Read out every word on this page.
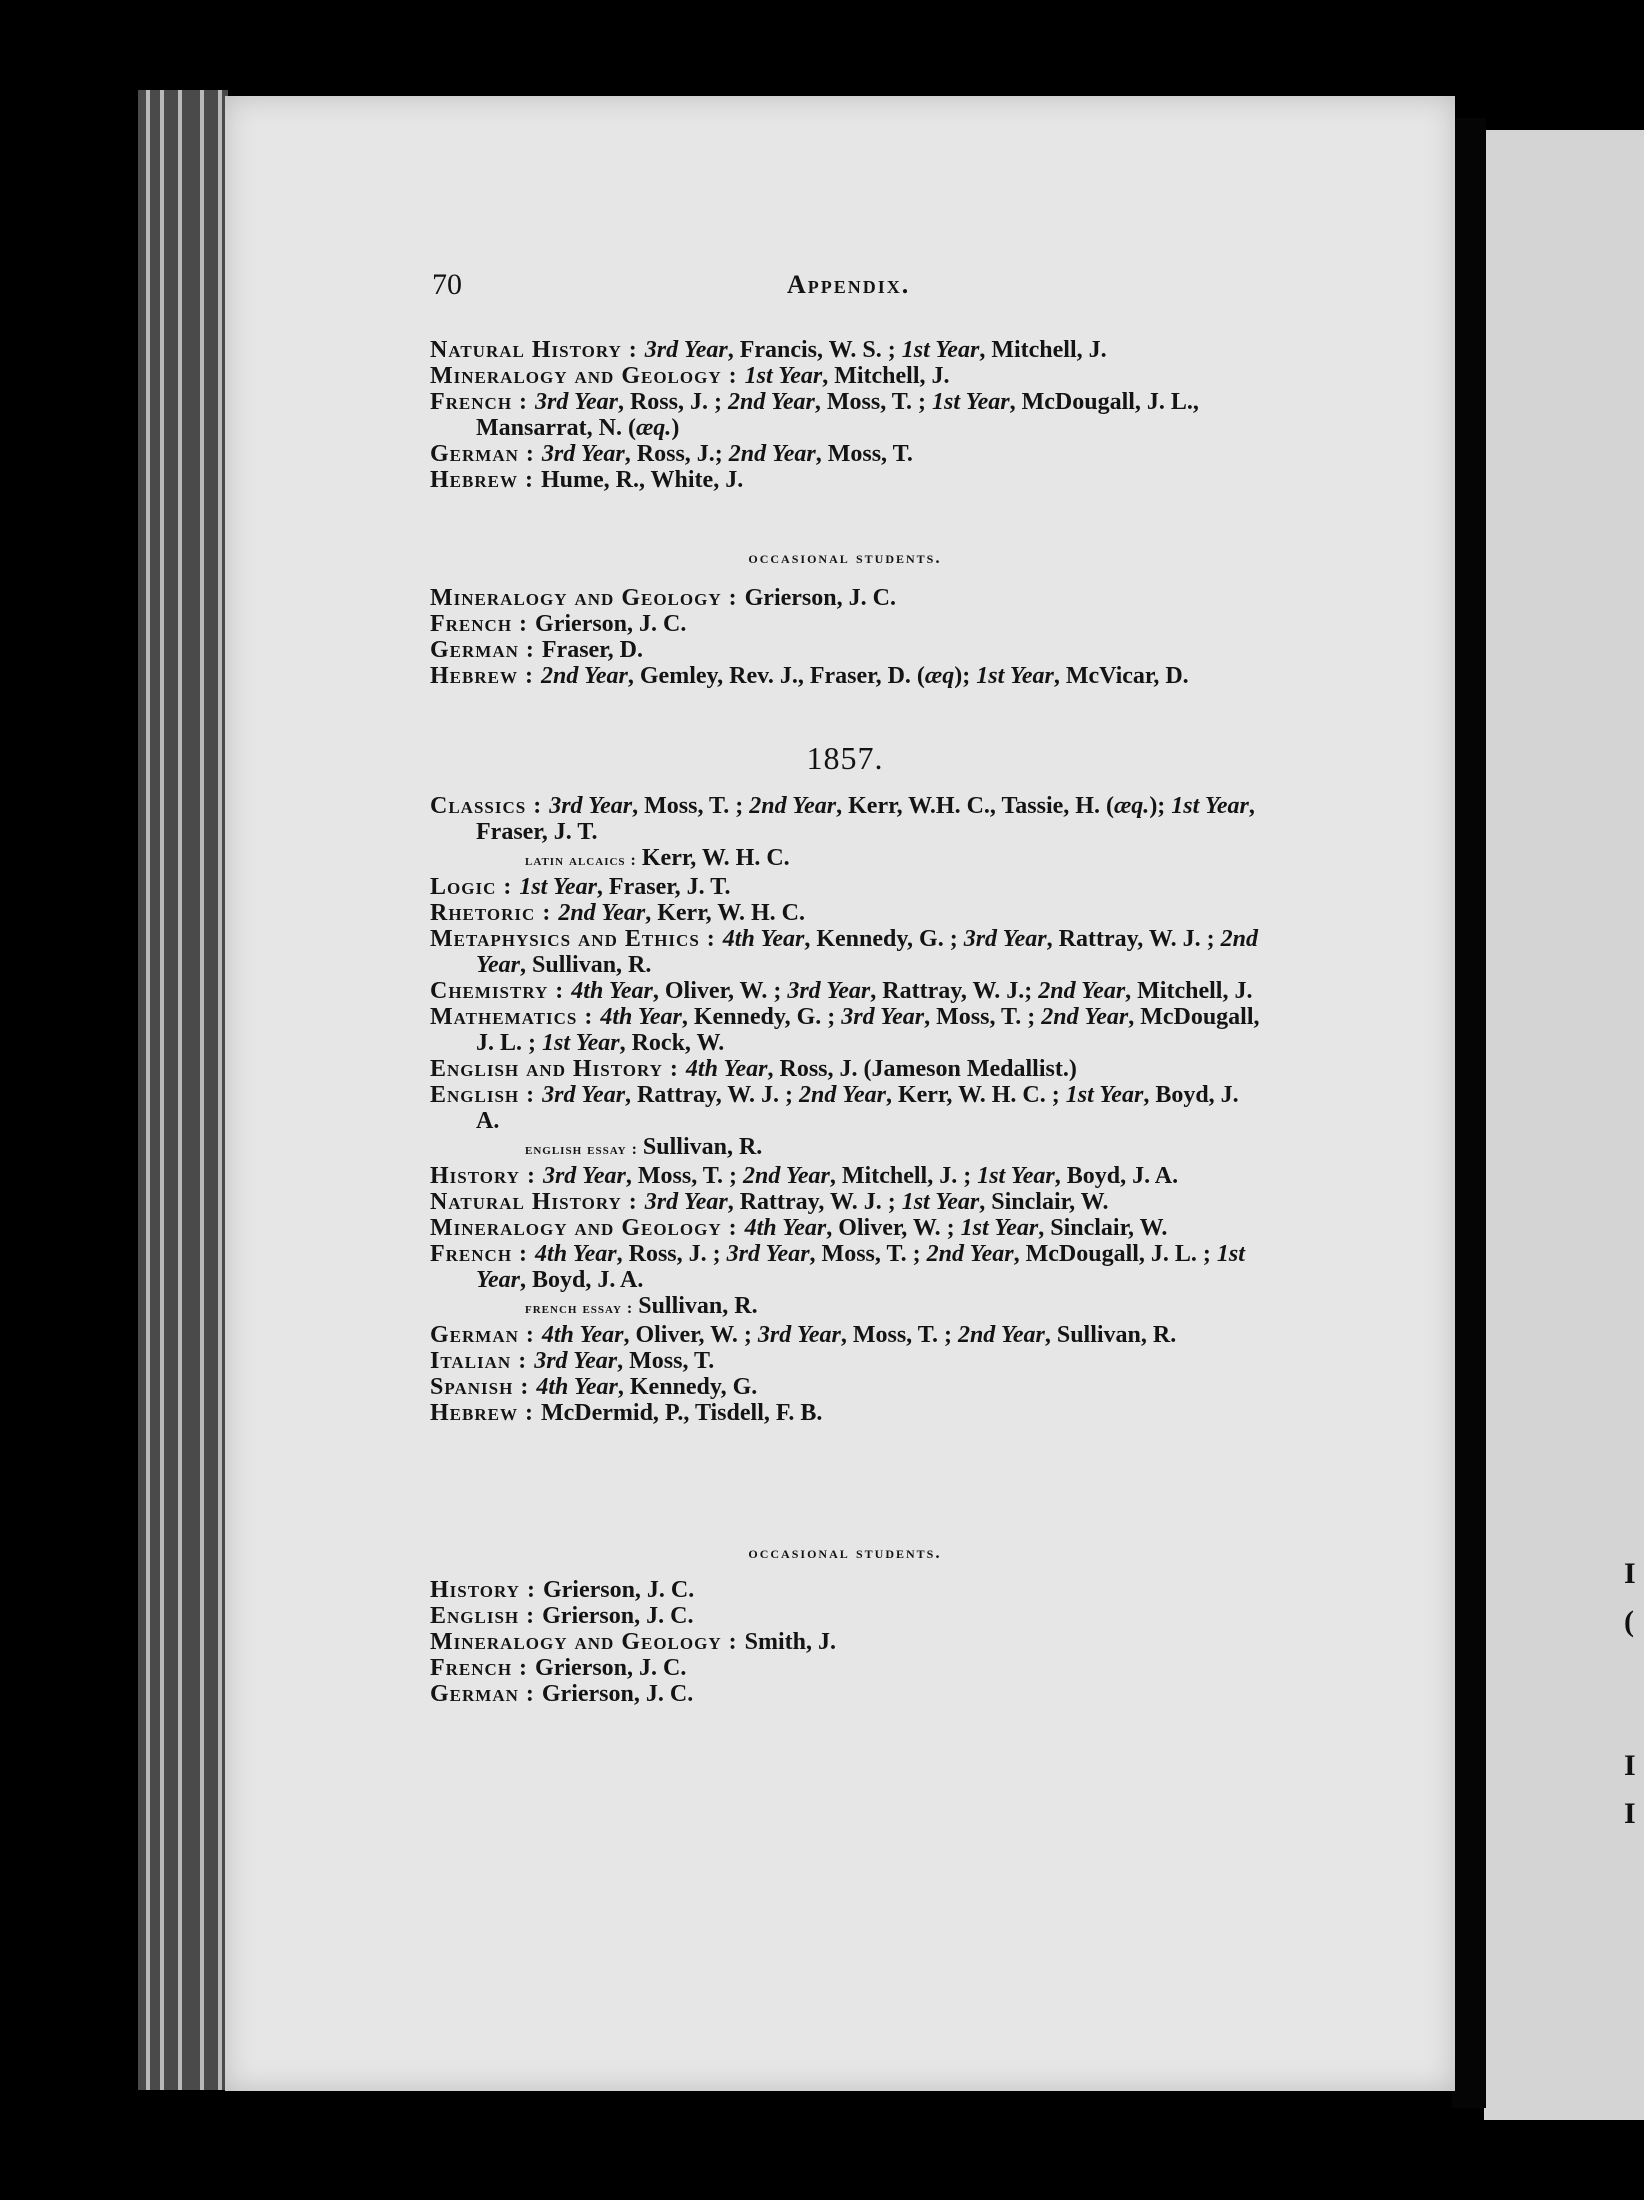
I
(

I
I
70	Appendix.

Natural History : 3rd Year, Francis, W. S. ; 1st Year, Mitchell, J.

Mineralogy and Geology : 1st Year, Mitchell, J.

French : 3rd Year, Ross, J. ; 2nd Year, Moss, T. ; 1st Year, McDougall, J. L., Mansarrat, N. (æq.)

German : 3rd Year, Ross, J.; 2nd Year, Moss, T.

Hebrew : Hume, R., White, J.

occasional students.

Mineralogy and Geology : Grierson, J. C.

French : Grierson, J. C.

German : Fraser, D.

Hebrew : 2nd Year, Gemley, Rev. J., Fraser, D. (æq); 1st Year, McVicar, D.

1857.

Classics : 3rd Year, Moss, T. ; 2nd Year, Kerr, W.H. C., Tassie, H. (æq.); 1st Year, Fraser, J. T.

latin alcaics : Kerr, W. H. C.

Logic : 1st Year, Fraser, J. T.

Rhetoric : 2nd Year, Kerr, W. H. C.

Metaphysics and Ethics : 4th Year, Kennedy, G. ; 3rd Year, Rattray, W. J. ; 2nd Year, Sullivan, R.

Chemistry : 4th Year, Oliver, W. ; 3rd Year, Rattray, W. J.; 2nd Year, Mitchell, J.

Mathematics : 4th Year, Kennedy, G. ; 3rd Year, Moss, T. ; 2nd Year, McDougall, J. L. ; 1st Year, Rock, W.

English and History : 4th Year, Ross, J. (Jameson Medallist.)

English : 3rd Year, Rattray, W. J. ; 2nd Year, Kerr, W. H. C. ; 1st Year, Boyd, J. A.

english essay : Sullivan, R.

History : 3rd Year, Moss, T. ; 2nd Year, Mitchell, J. ; 1st Year, Boyd, J. A.

Natural History : 3rd Year, Rattray, W. J. ; 1st Year, Sinclair, W.

Mineralogy and Geology : 4th Year, Oliver, W. ; 1st Year, Sinclair, W.

French : 4th Year, Ross, J. ; 3rd Year, Moss, T. ; 2nd Year, McDougall, J. L. ; 1st Year, Boyd, J. A.

french essay : Sullivan, R.

German : 4th Year, Oliver, W. ; 3rd Year, Moss, T. ; 2nd Year, Sullivan, R.

Italian : 3rd Year, Moss, T.

Spanish : 4th Year, Kennedy, G.

Hebrew : McDermid, P., Tisdell, F. B.

occasional students.

History : Grierson, J. C.

English : Grierson, J. C.

Mineralogy and Geology : Smith, J.

French : Grierson, J. C.

German : Grierson, J. C.
